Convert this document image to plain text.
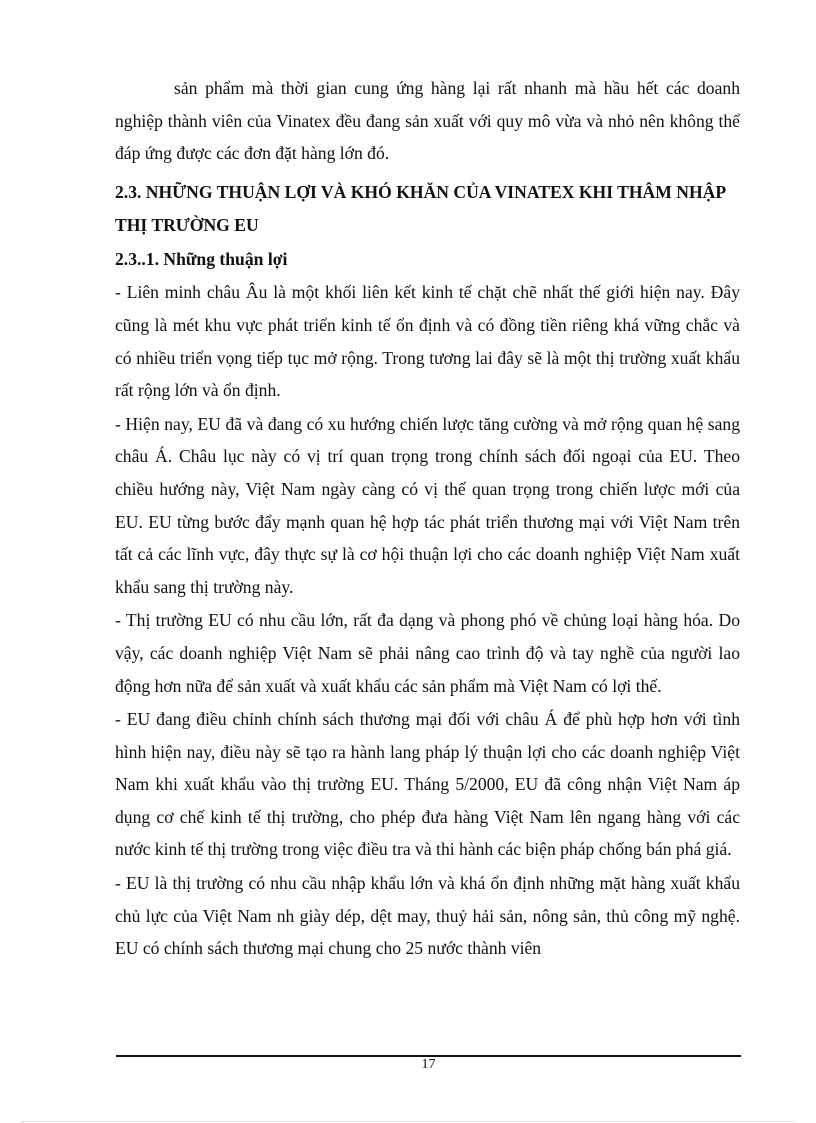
sản phẩm mà thời gian cung ứng hàng lại rất nhanh mà hầu hết các doanh nghiệp thành viên của Vinatex đều đang sản xuất với quy mô vừa và nhỏ nên không thể đáp ứng được các đơn đặt hàng lớn đó.

2.3. NHỮNG THUẬN LỢI VÀ KHÓ KHĂN CỦA VINATEX KHI THÂM NHẬP THỊ TRƯỜNG EU

2.3..1. Những thuận lợi

- Liên minh châu Âu là một khối liên kết kinh tế chặt chẽ nhất thế giới hiện nay. Đây cũng là mét khu vực phát triển kinh tế ổn định và có đồng tiền riêng khá vững chắc và có nhiều triển vọng tiếp tục mở rộng. Trong tương lai đây sẽ là một thị trường xuất khẩu rất rộng lớn và ổn định.

- Hiện nay, EU đã và đang có xu hướng chiến lược tăng cường và mở rộng quan hệ sang châu Á. Châu lục này có vị trí quan trọng trong chính sách đối ngoại của EU. Theo chiều hướng này, Việt Nam ngày càng có vị thế quan trọng trong chiến lược mới của EU. EU từng bước đẩy mạnh quan hệ hợp tác phát triển thương mại với Việt Nam trên tất cả các lĩnh vực, đây thực sự là cơ hội thuận lợi cho các doanh nghiệp Việt Nam xuất khẩu sang thị trường này.

- Thị trường EU có nhu cầu lớn, rất đa dạng và phong phó về chủng loại hàng hóa. Do vậy, các doanh nghiệp Việt Nam sẽ phải nâng cao trình độ và tay nghề của người lao động hơn nữa để sản xuất và xuất khẩu các sản phẩm mà Việt Nam có lợi thế.

- EU đang điều chỉnh chính sách thương mại đối với châu Á để phù hợp hơn với tình hình hiện nay, điều này sẽ tạo ra hành lang pháp lý thuận lợi cho các doanh nghiệp Việt Nam khi xuất khẩu vào thị trường EU. Tháng 5/2000, EU đã công nhận Việt Nam áp dụng cơ chế kinh tế thị trường, cho phép đưa hàng Việt Nam lên ngang hàng với các nước kinh tế thị trường trong việc điều tra và thi hành các biện pháp chống bán phá giá.

- EU là thị trường có nhu cầu nhập khẩu lớn và khá ổn định những mặt hàng xuất khẩu chủ lực của Việt Nam nh giày dép, dệt may, thuỷ hải sản, nông sản, thủ công mỹ nghệ. EU có chính sách thương mại chung cho 25 nước thành viên

17
